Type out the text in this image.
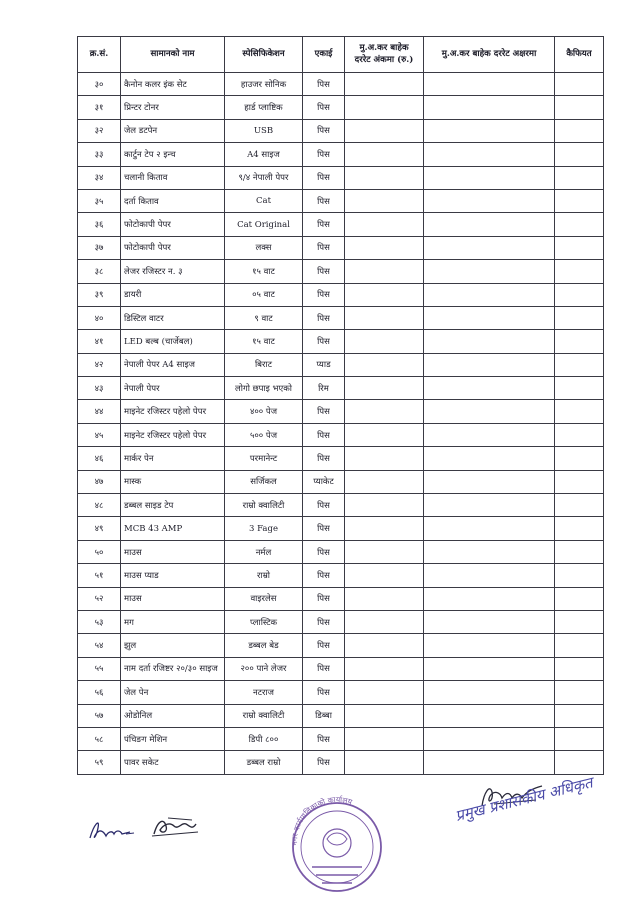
क्र.सं.	सामानको नाम	स्पेसिफिकेशन	एकाई	मु.अ.कर बाहेक
दररेट अंकमा (रु.)	मु.अ.कर बाहेक दररेट अक्षरमा	कैफियत
३०	कैनोन कलर इंक सेट	हाउजर सोनिक	पिस			
३१	प्रिन्टर टोनर	हार्ड प्लाष्टिक	पिस			
३२	जेल डटपेन	USB	पिस			
३३	कार्टुन टेप २ इन्च	A4 साइज	पिस			
३४	चलानी किताव	९/४ नेपाली पेपर	पिस			
३५	दर्ता किताव	Cat	पिस			
३६	फोटोकापी पेपर	Cat Original	पिस			
३७	फोटोकापी पेपर	लक्स	पिस			
३८	लेजर रजिस्टर न. ३	१५ वाट	पिस			
३९	डायरी	०५ वाट	पिस			
४०	डिस्टिल वाटर	९ वाट	पिस			
४१	LED बल्ब (चार्जेबल)	१५ वाट	पिस			
४२	नेपाली पेपर A4 साइज	बिराट	प्याड			
४३	नेपाली पेपर	लोगो छपाइ भएको	रिम			
४४	माइनेट रजिस्टर पहेलो पेपर	४०० पेज	पिस			
४५	माइनेट रजिस्टर पहेलो पेपर	५०० पेज	पिस			
४६	मार्कर पेन	परमानेन्ट	पिस			
४७	मास्क	सर्जिकल	प्याकेट			
४८	डब्बल साइड टेप	राम्रो क्वालिटी	पिस			
४९	MCB 43 AMP	3 Fage	पिस			
५०	माउस	नर्मल	पिस			
५१	माउस प्याड	राम्रो	पिस			
५२	माउस	वाइरलेस	पिस			
५३	मग	प्लास्टिक	पिस			
५४	झुल	डब्बल बेड	पिस			
५५	नाम दर्ता रजिष्टर २०/३० साइज	२०० पाने लेजर	पिस			
५६	जेल पेन	नटराज	पिस			
५७	ओडोनिल	राम्रो क्वालिटी	डिब्बा			
५८	पंचिङग मेशिन	डिपी ८००	पिस			
५९	पावर सकेट	डब्बल राम्रो	पिस			
नगर कार्यपालिकाको कार्यालय	प्रमुख प्रशासकीय अधिकृत
